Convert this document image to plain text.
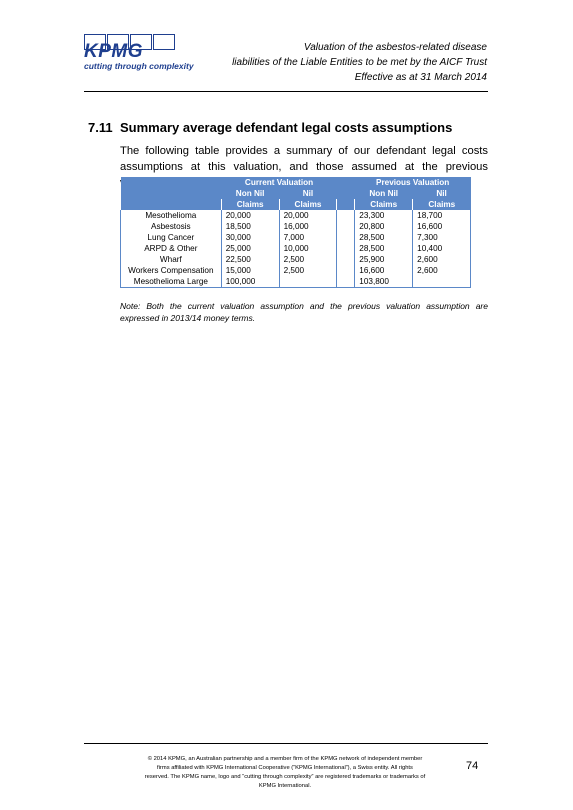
KPMG
cutting through complexity
Valuation of the asbestos-related disease
liabilities of the Liable Entities to be met by the AICF Trust
Effective as at 31 March 2014
7.11 Summary average defendant legal costs assumptions
The following table provides a summary of our defendant legal costs assumptions at this valuation, and those assumed at the previous
	Current Valuation			Previous Valuation	
	Non Nil	Nil		Non Nil	Nil
	Claims	Claims		Claims	Claims
Mesothelioma	20,000	20,000		23,300	18,700
Asbestosis	18,500	16,000		20,800	16,600
Lung Cancer	30,000	7,000		28,500	7,300
ARPD & Other	25,000	10,000		28,500	10,400
Wharf	22,500	2,500		25,900	2,600
Workers Compensation	15,000	2,500		16,600	2,600
Mesothelioma Large	100,000			103,800	
Note: Both the current valuation assumption and the previous valuation assumption are expressed in 2013/14 money terms.
© 2014 KPMG, an Australian partnership and a member firm of the KPMG network of independent member
firms affiliated with KPMG International Cooperative (“KPMG International”), a Swiss entity. All rights
reserved. The KPMG name, logo and “cutting through complexity” are registered trademarks or trademarks of
KPMG International.
74
